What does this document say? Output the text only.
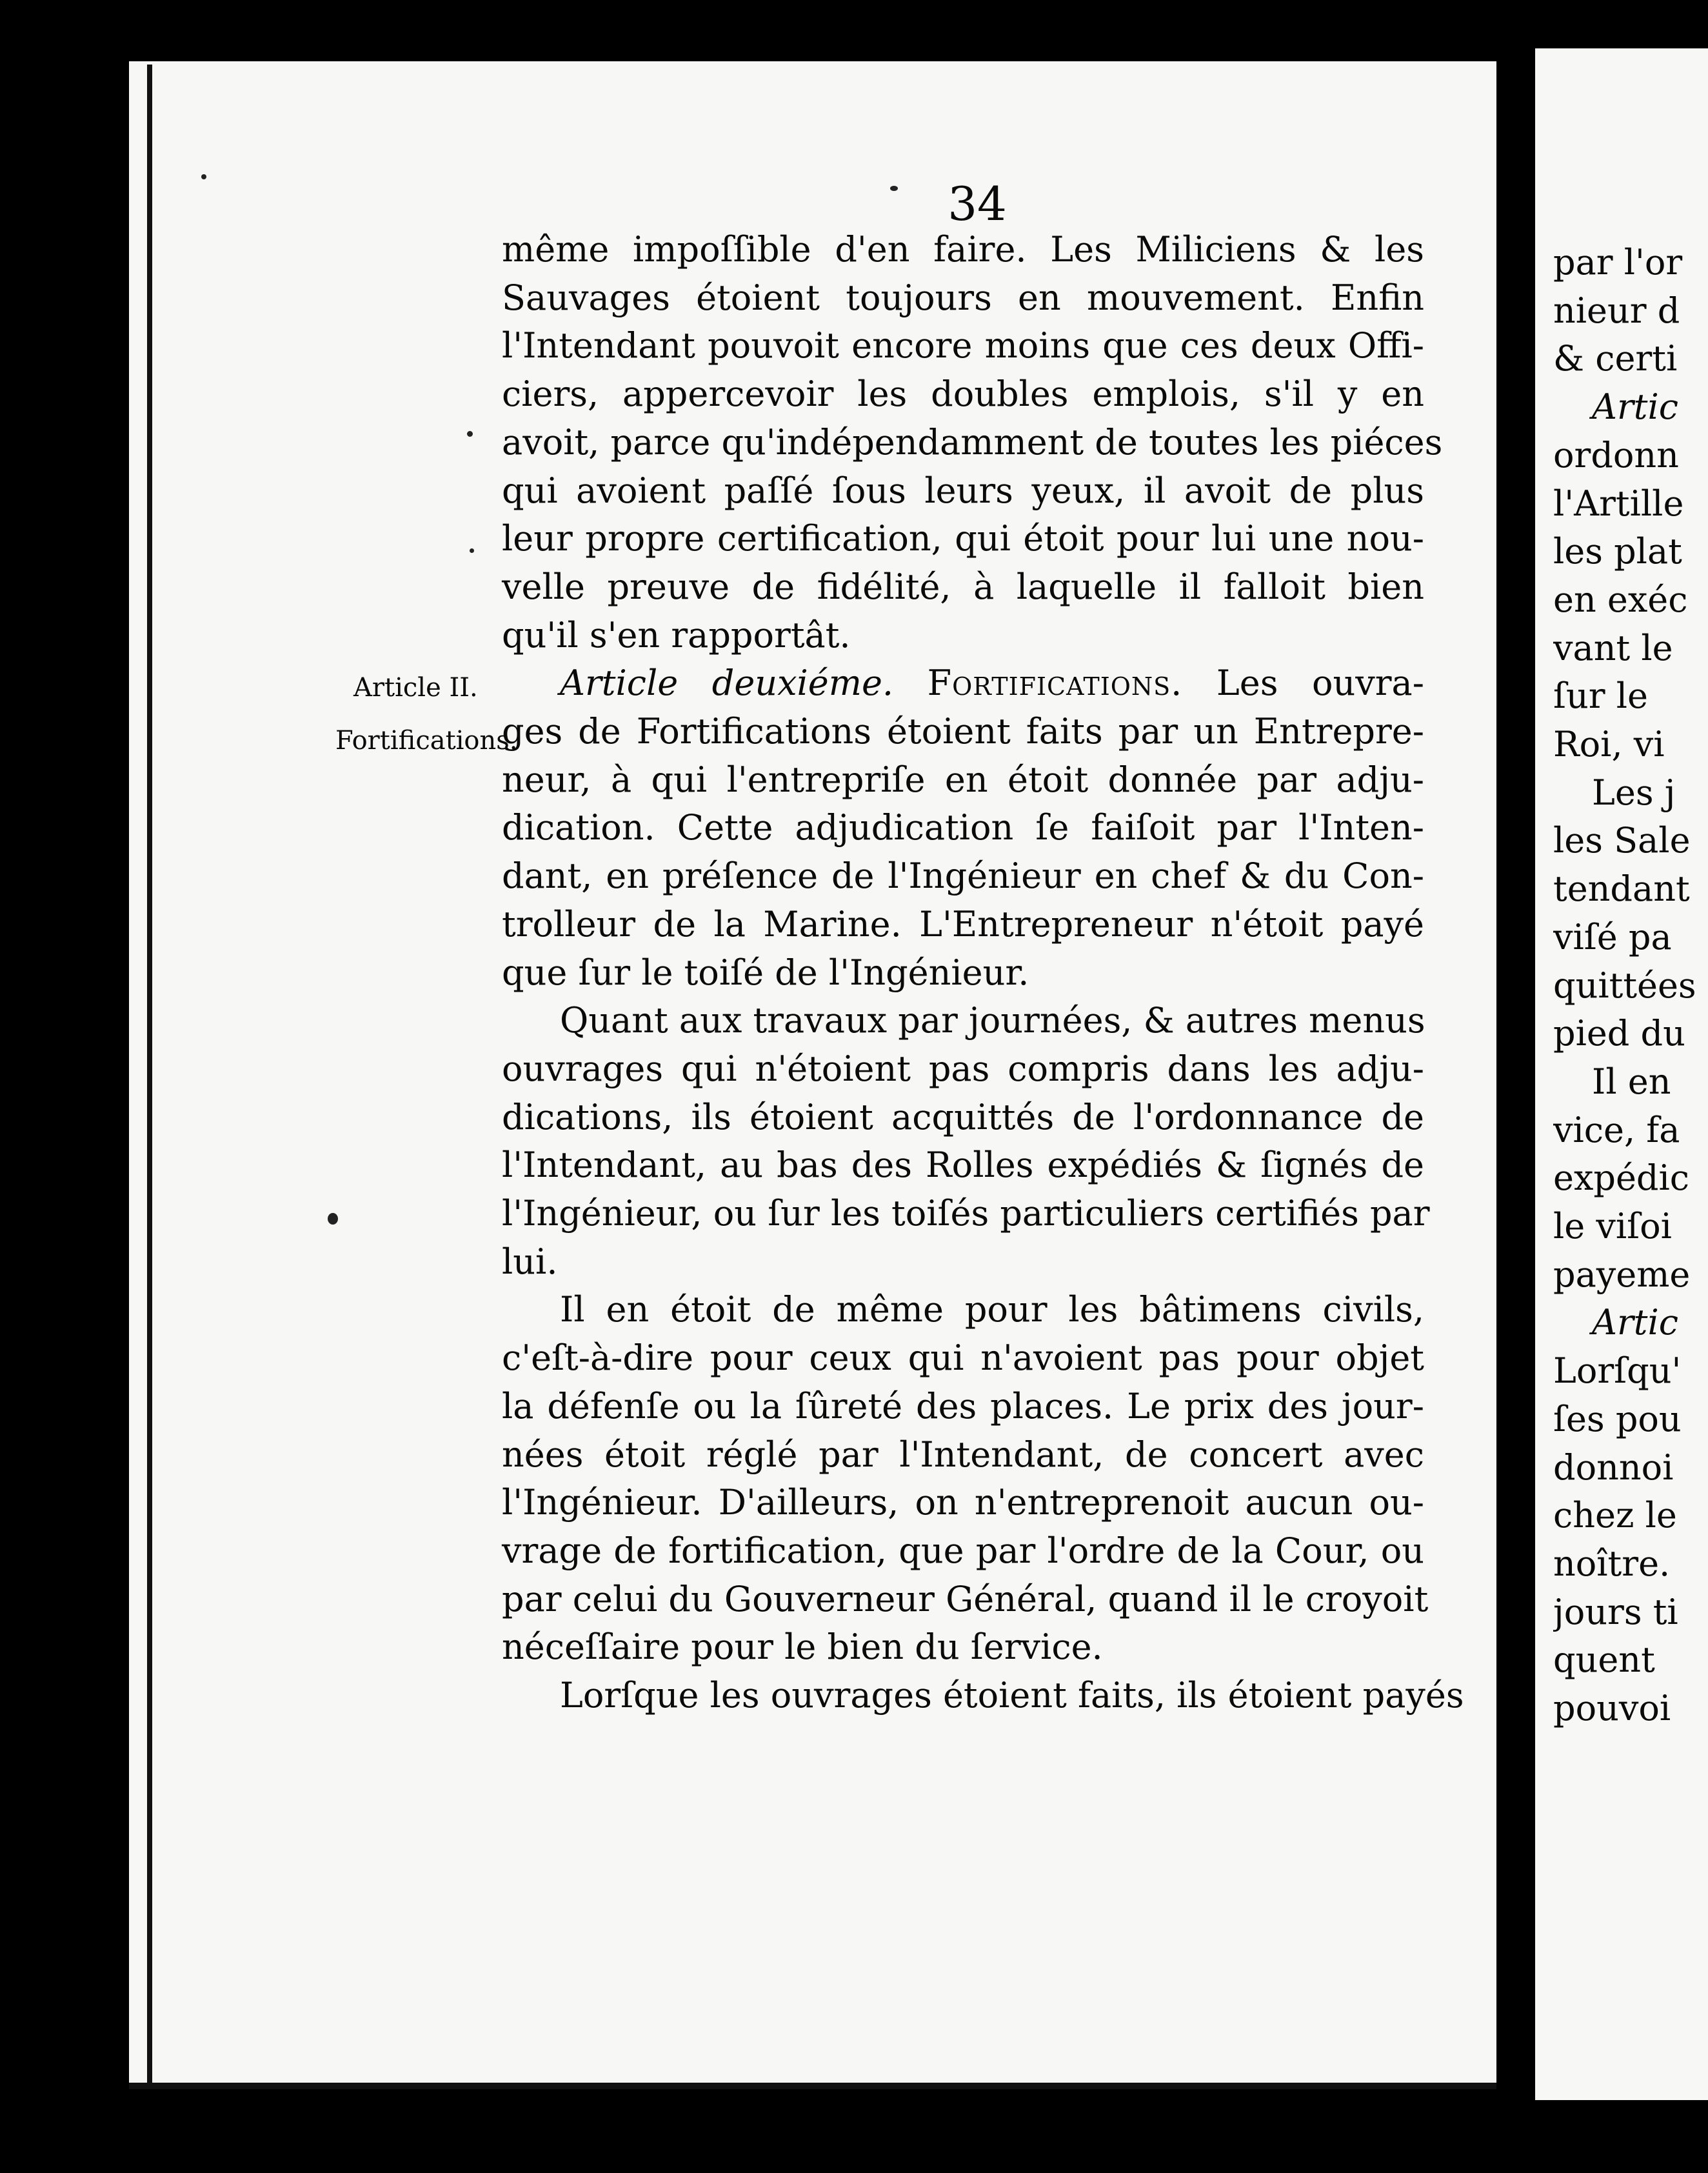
34
Article II.
Fortifications.
même impoſſible d'en faire. Les Miliciens & les
Sauvages étoient toujours en mouvement. Enfin
l'Intendant pouvoit encore moins que ces deux Offi-
ciers, appercevoir les doubles emplois, s'il y en
avoit, parce qu'indépendamment de toutes les piéces
qui avoient paſſé ſous leurs yeux, il avoit de plus
leur propre certification, qui étoit pour lui une nou-
velle preuve de fidélité, à laquelle il falloit bien
qu'il s'en rapportât.
Article deuxiéme. Fortifications. Les ouvra-
ges de Fortifications étoient faits par un Entrepre-
neur, à qui l'entrepriſe en étoit donnée par adju-
dication. Cette adjudication ſe faiſoit par l'Inten-
dant, en préſence de l'Ingénieur en chef & du Con-
trolleur de la Marine. L'Entrepreneur n'étoit payé
que ſur le toiſé de l'Ingénieur.
Quant aux travaux par journées, & autres menus
ouvrages qui n'étoient pas compris dans les adju-
dications, ils étoient acquittés de l'ordonnance de
l'Intendant, au bas des Rolles expédiés & ſignés de
l'Ingénieur, ou ſur les toiſés particuliers certifiés par
lui.
Il en étoit de même pour les bâtimens civils,
c'eſt-à-dire pour ceux qui n'avoient pas pour objet
la défenſe ou la ſûreté des places. Le prix des jour-
nées étoit réglé par l'Intendant, de concert avec
l'Ingénieur. D'ailleurs, on n'entreprenoit aucun ou-
vrage de fortification, que par l'ordre de la Cour, ou
par celui du Gouverneur Général, quand il le croyoit
néceſſaire pour le bien du ſervice.
Lorſque les ouvrages étoient faits, ils étoient payés
par l'or
nieur d
& certi
Artic
ordonn
l'Artille
les plat
en exéc
vant le
ſur le
Roi, vi
Les j
les Sale
tendant
viſé pa
quittées
pied du
Il en
vice, fa
expédic
le viſoi
payeme
Artic
Lorſqu'
ſes pou
donnoi
chez le
noître.
jours ti
quent
pouvoi
